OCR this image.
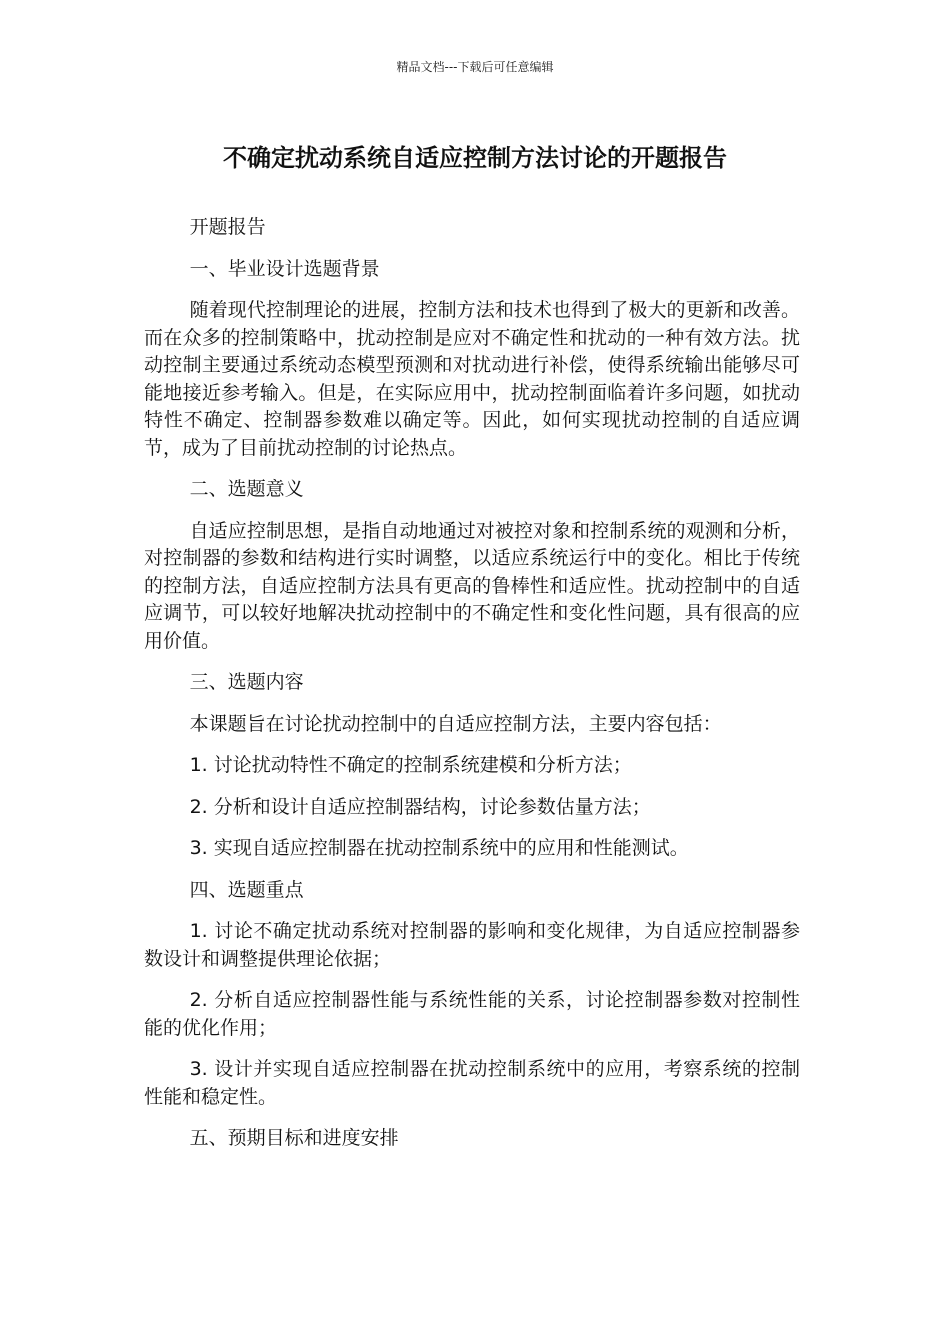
精品文档---下载后可任意编辑
不确定扰动系统自适应控制方法讨论的开题报告

开题报告

一、毕业设计选题背景

随着现代控制理论的进展，控制方法和技术也得到了极大的更新和改善。而在众多的控制策略中，扰动控制是应对不确定性和扰动的一种有效方法。扰动控制主要通过系统动态模型预测和对扰动进行补偿，使得系统输出能够尽可能地接近参考输入。但是，在实际应用中，扰动控制面临着许多问题，如扰动特性不确定、控制器参数难以确定等。因此，如何实现扰动控制的自适应调节，成为了目前扰动控制的讨论热点。

二、选题意义

自适应控制思想，是指自动地通过对被控对象和控制系统的观测和分析，对控制器的参数和结构进行实时调整，以适应系统运行中的变化。相比于传统的控制方法，自适应控制方法具有更高的鲁棒性和适应性。扰动控制中的自适应调节，可以较好地解决扰动控制中的不确定性和变化性问题，具有很高的应用价值。

三、选题内容

本课题旨在讨论扰动控制中的自适应控制方法，主要内容包括：

1. 讨论扰动特性不确定的控制系统建模和分析方法；

2. 分析和设计自适应控制器结构，讨论参数估量方法；

3. 实现自适应控制器在扰动控制系统中的应用和性能测试。

四、选题重点

1. 讨论不确定扰动系统对控制器的影响和变化规律，为自适应控制器参数设计和调整提供理论依据；

2. 分析自适应控制器性能与系统性能的关系，讨论控制器参数对控制性能的优化作用；

3. 设计并实现自适应控制器在扰动控制系统中的应用，考察系统的控制性能和稳定性。

五、预期目标和进度安排
